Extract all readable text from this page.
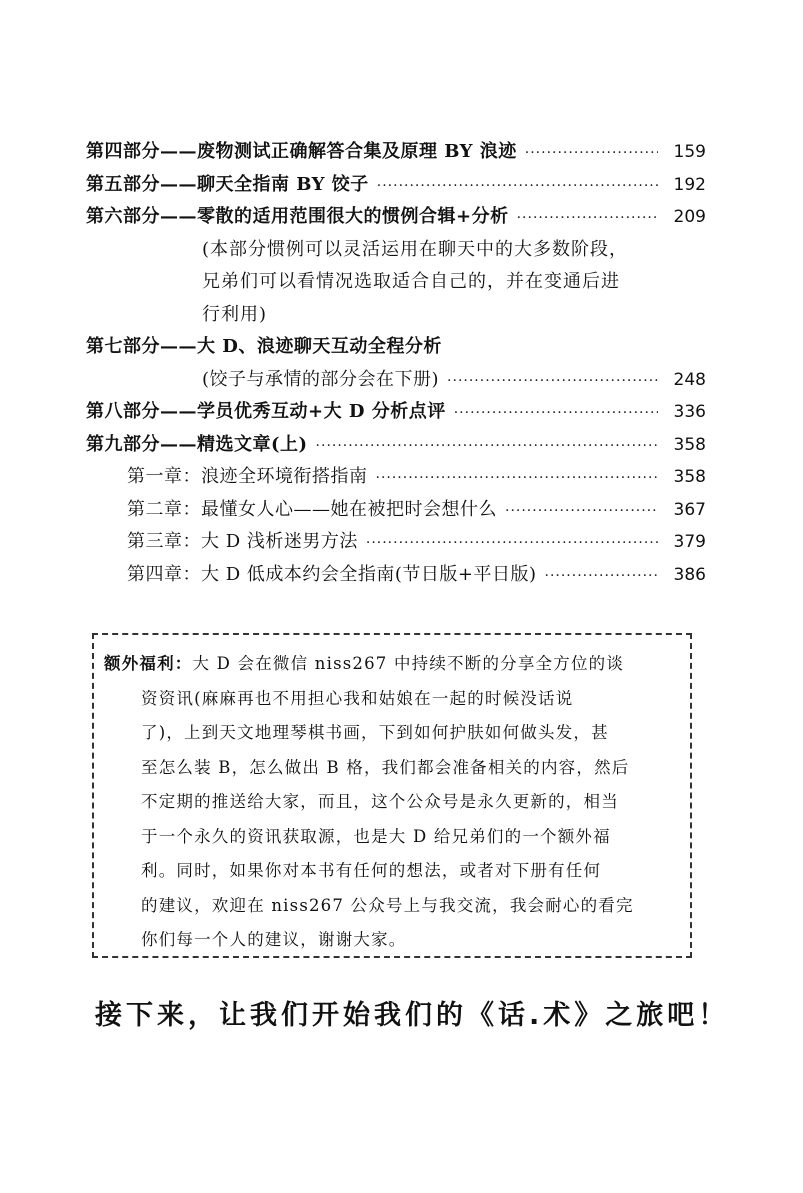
第四部分——废物测试正确解答合集及原理 BY 浪迹 ·····	159
第五部分——聊天全指南 BY 饺子 ·····	192
第六部分——零散的适用范围很大的惯例合辑+分析 ·····	209
(本部分惯例可以灵活运用在聊天中的大多数阶段，
兄弟们可以看情况选取适合自己的，并在变通后进
行利用)
第七部分——大 D、浪迹聊天互动全程分析
(饺子与承情的部分会在下册) ·····	248
第八部分——学员优秀互动+大 D 分析点评 ·····	336
第九部分——精选文章(上) ·····	358
第一章：浪迹全环境衔搭指南 ·····	358
第二章：最懂女人心——她在被把时会想什么 ·····	367
第三章：大 D 浅析迷男方法 ·····	379
第四章：大 D 低成本约会全指南(节日版+平日版) ·····	386

额外福利：大 D 会在微信 niss267 中持续不断的分享全方位的谈

资资讯(麻麻再也不用担心我和姑娘在一起的时候没话说

了)，上到天文地理琴棋书画，下到如何护肤如何做头发，甚

至怎么装 B，怎么做出 B 格，我们都会准备相关的内容，然后

不定期的推送给大家，而且，这个公众号是永久更新的，相当

于一个永久的资讯获取源，也是大 D 给兄弟们的一个额外福

利。同时，如果你对本书有任何的想法，或者对下册有任何

的建议，欢迎在 niss267 公众号上与我交流，我会耐心的看完

你们每一个人的建议，谢谢大家。

接下来，让我们开始我们的《话.术》之旅吧！
